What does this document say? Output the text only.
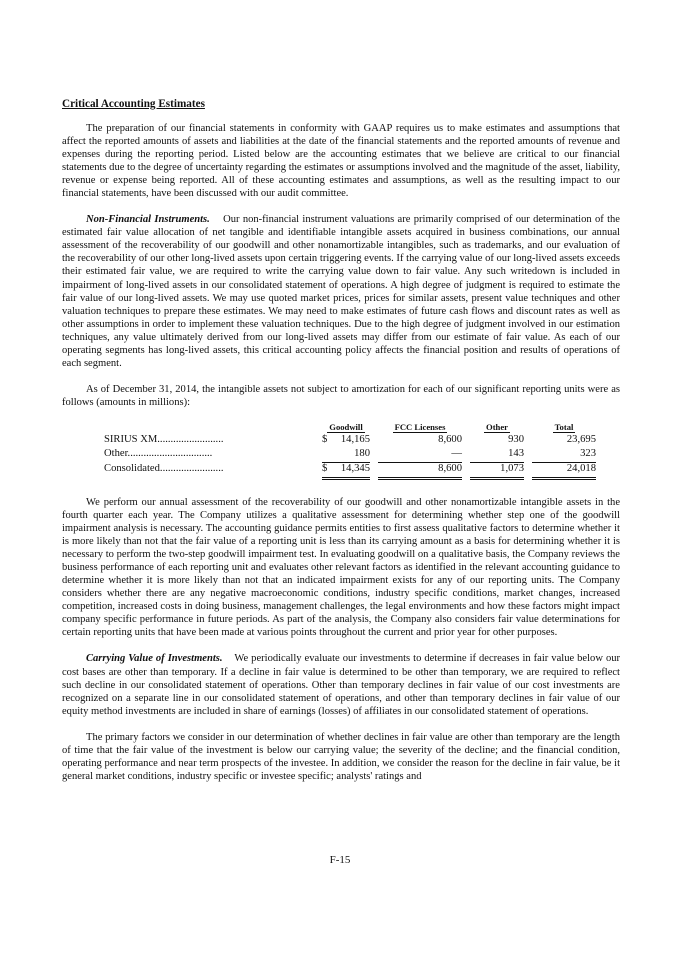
Critical Accounting Estimates

The preparation of our financial statements in conformity with GAAP requires us to make estimates and assumptions that affect the reported amounts of assets and liabilities at the date of the financial statements and the reported amounts of revenue and expenses during the reporting period. Listed below are the accounting estimates that we believe are critical to our financial statements due to the degree of uncertainty regarding the estimates or assumptions involved and the magnitude of the asset, liability, revenue or expense being reported. All of these accounting estimates and assumptions, as well as the resulting impact to our financial statements, have been discussed with our audit committee.

Non-Financial Instruments. Our non-financial instrument valuations are primarily comprised of our determination of the estimated fair value allocation of net tangible and identifiable intangible assets acquired in business combinations, our annual assessment of the recoverability of our goodwill and other nonamortizable intangibles, such as trademarks, and our evaluation of the recoverability of our other long-lived assets upon certain triggering events. If the carrying value of our long-lived assets exceeds their estimated fair value, we are required to write the carrying value down to fair value. Any such writedown is included in impairment of long-lived assets in our consolidated statement of operations. A high degree of judgment is required to estimate the fair value of our long-lived assets. We may use quoted market prices, prices for similar assets, present value techniques and other valuation techniques to prepare these estimates. We may need to make estimates of future cash flows and discount rates as well as other assumptions in order to implement these valuation techniques. Due to the high degree of judgment involved in our estimation techniques, any value ultimately derived from our long-lived assets may differ from our estimate of fair value. As each of our operating segments has long-lived assets, this critical accounting policy affects the financial position and results of operations of each segment.

As of December 31, 2014, the intangible assets not subject to amortization for each of our significant reporting units were as follows (amounts in millions):

	Goodwill			FCC Licenses		Other		Total
SIRIUS XM.........................	$	14,165		8,600		930		23,695
Other................................		180		—		143		323
Consolidated........................	$	14,345		8,600		1,073		24,018

We perform our annual assessment of the recoverability of our goodwill and other nonamortizable intangible assets in the fourth quarter each year. The Company utilizes a qualitative assessment for determining whether step one of the goodwill impairment analysis is necessary. The accounting guidance permits entities to first assess qualitative factors to determine whether it is more likely than not that the fair value of a reporting unit is less than its carrying amount as a basis for determining whether it is necessary to perform the two-step goodwill impairment test. In evaluating goodwill on a qualitative basis, the Company reviews the business performance of each reporting unit and evaluates other relevant factors as identified in the relevant accounting guidance to determine whether it is more likely than not that an indicated impairment exists for any of our reporting units. The Company considers whether there are any negative macroeconomic conditions, industry specific conditions, market changes, increased competition, increased costs in doing business, management challenges, the legal environments and how these factors might impact company specific performance in future periods. As part of the analysis, the Company also considers fair value determinations for certain reporting units that have been made at various points throughout the current and prior year for other purposes.

Carrying Value of Investments. We periodically evaluate our investments to determine if decreases in fair value below our cost bases are other than temporary. If a decline in fair value is determined to be other than temporary, we are required to reflect such decline in our consolidated statement of operations. Other than temporary declines in fair value of our cost investments are recognized on a separate line in our consolidated statement of operations, and other than temporary declines in fair value of our equity method investments are included in share of earnings (losses) of affiliates in our consolidated statement of operations.

The primary factors we consider in our determination of whether declines in fair value are other than temporary are the length of time that the fair value of the investment is below our carrying value; the severity of the decline; and the financial condition, operating performance and near term prospects of the investee. In addition, we consider the reason for the decline in fair value, be it general market conditions, industry specific or investee specific; analysts' ratings and

F-15
